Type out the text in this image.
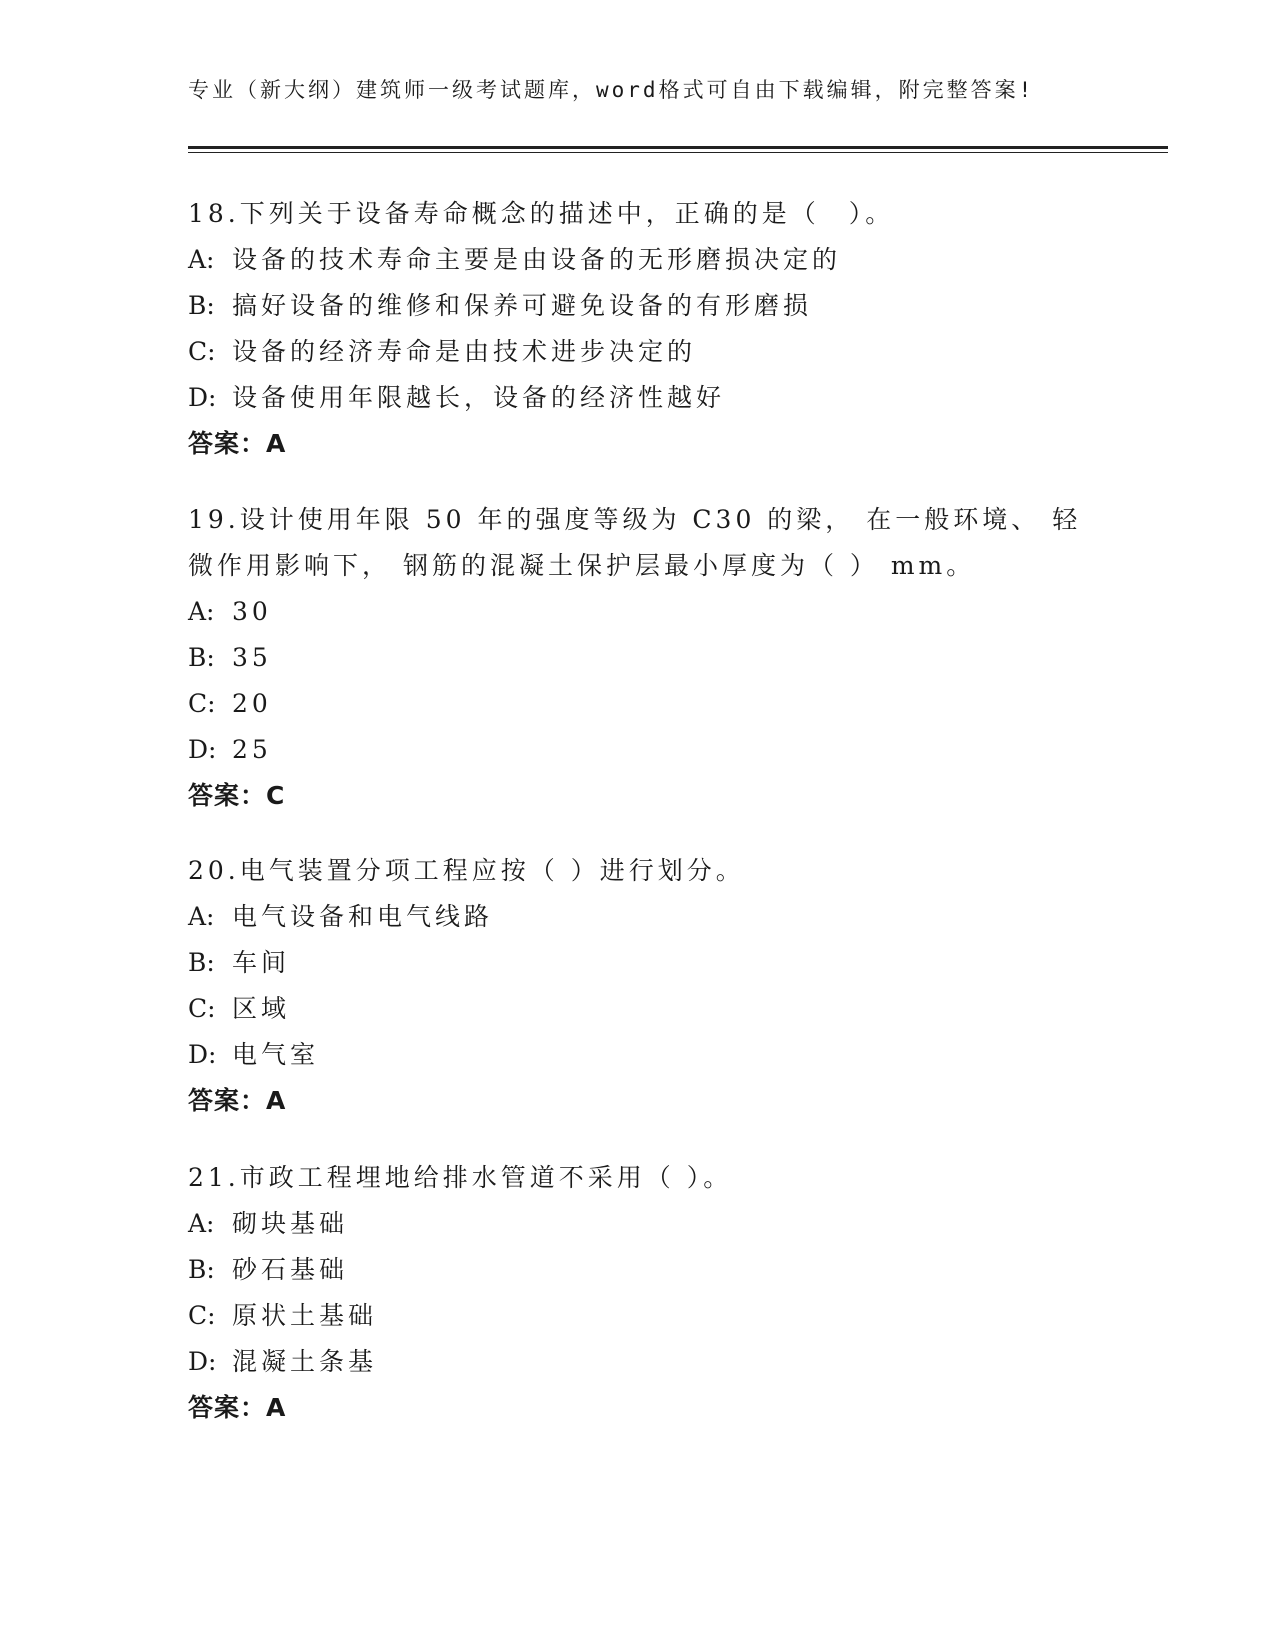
专业（新大纲）建筑师一级考试题库，word格式可自由下载编辑，附完整答案!
18.下列关于设备寿命概念的描述中，正确的是（　）。
A: 设备的技术寿命主要是由设备的无形磨损决定的
B: 搞好设备的维修和保养可避免设备的有形磨损
C: 设备的经济寿命是由技术进步决定的
D: 设备使用年限越长，设备的经济性越好
答案：A
19.设计使用年限 50 年的强度等级为 C30 的梁， 在一般环境、 轻
微作用影响下， 钢筋的混凝土保护层最小厚度为（ ） mm。
A: 30
B: 35
C: 20
D: 25
答案：C
20.电气装置分项工程应按（ ）进行划分。
A: 电气设备和电气线路
B: 车间
C: 区域
D: 电气室
答案：A
21.市政工程埋地给排水管道不采用（ ）。
A: 砌块基础
B: 砂石基础
C: 原状土基础
D: 混凝土条基
答案：A
